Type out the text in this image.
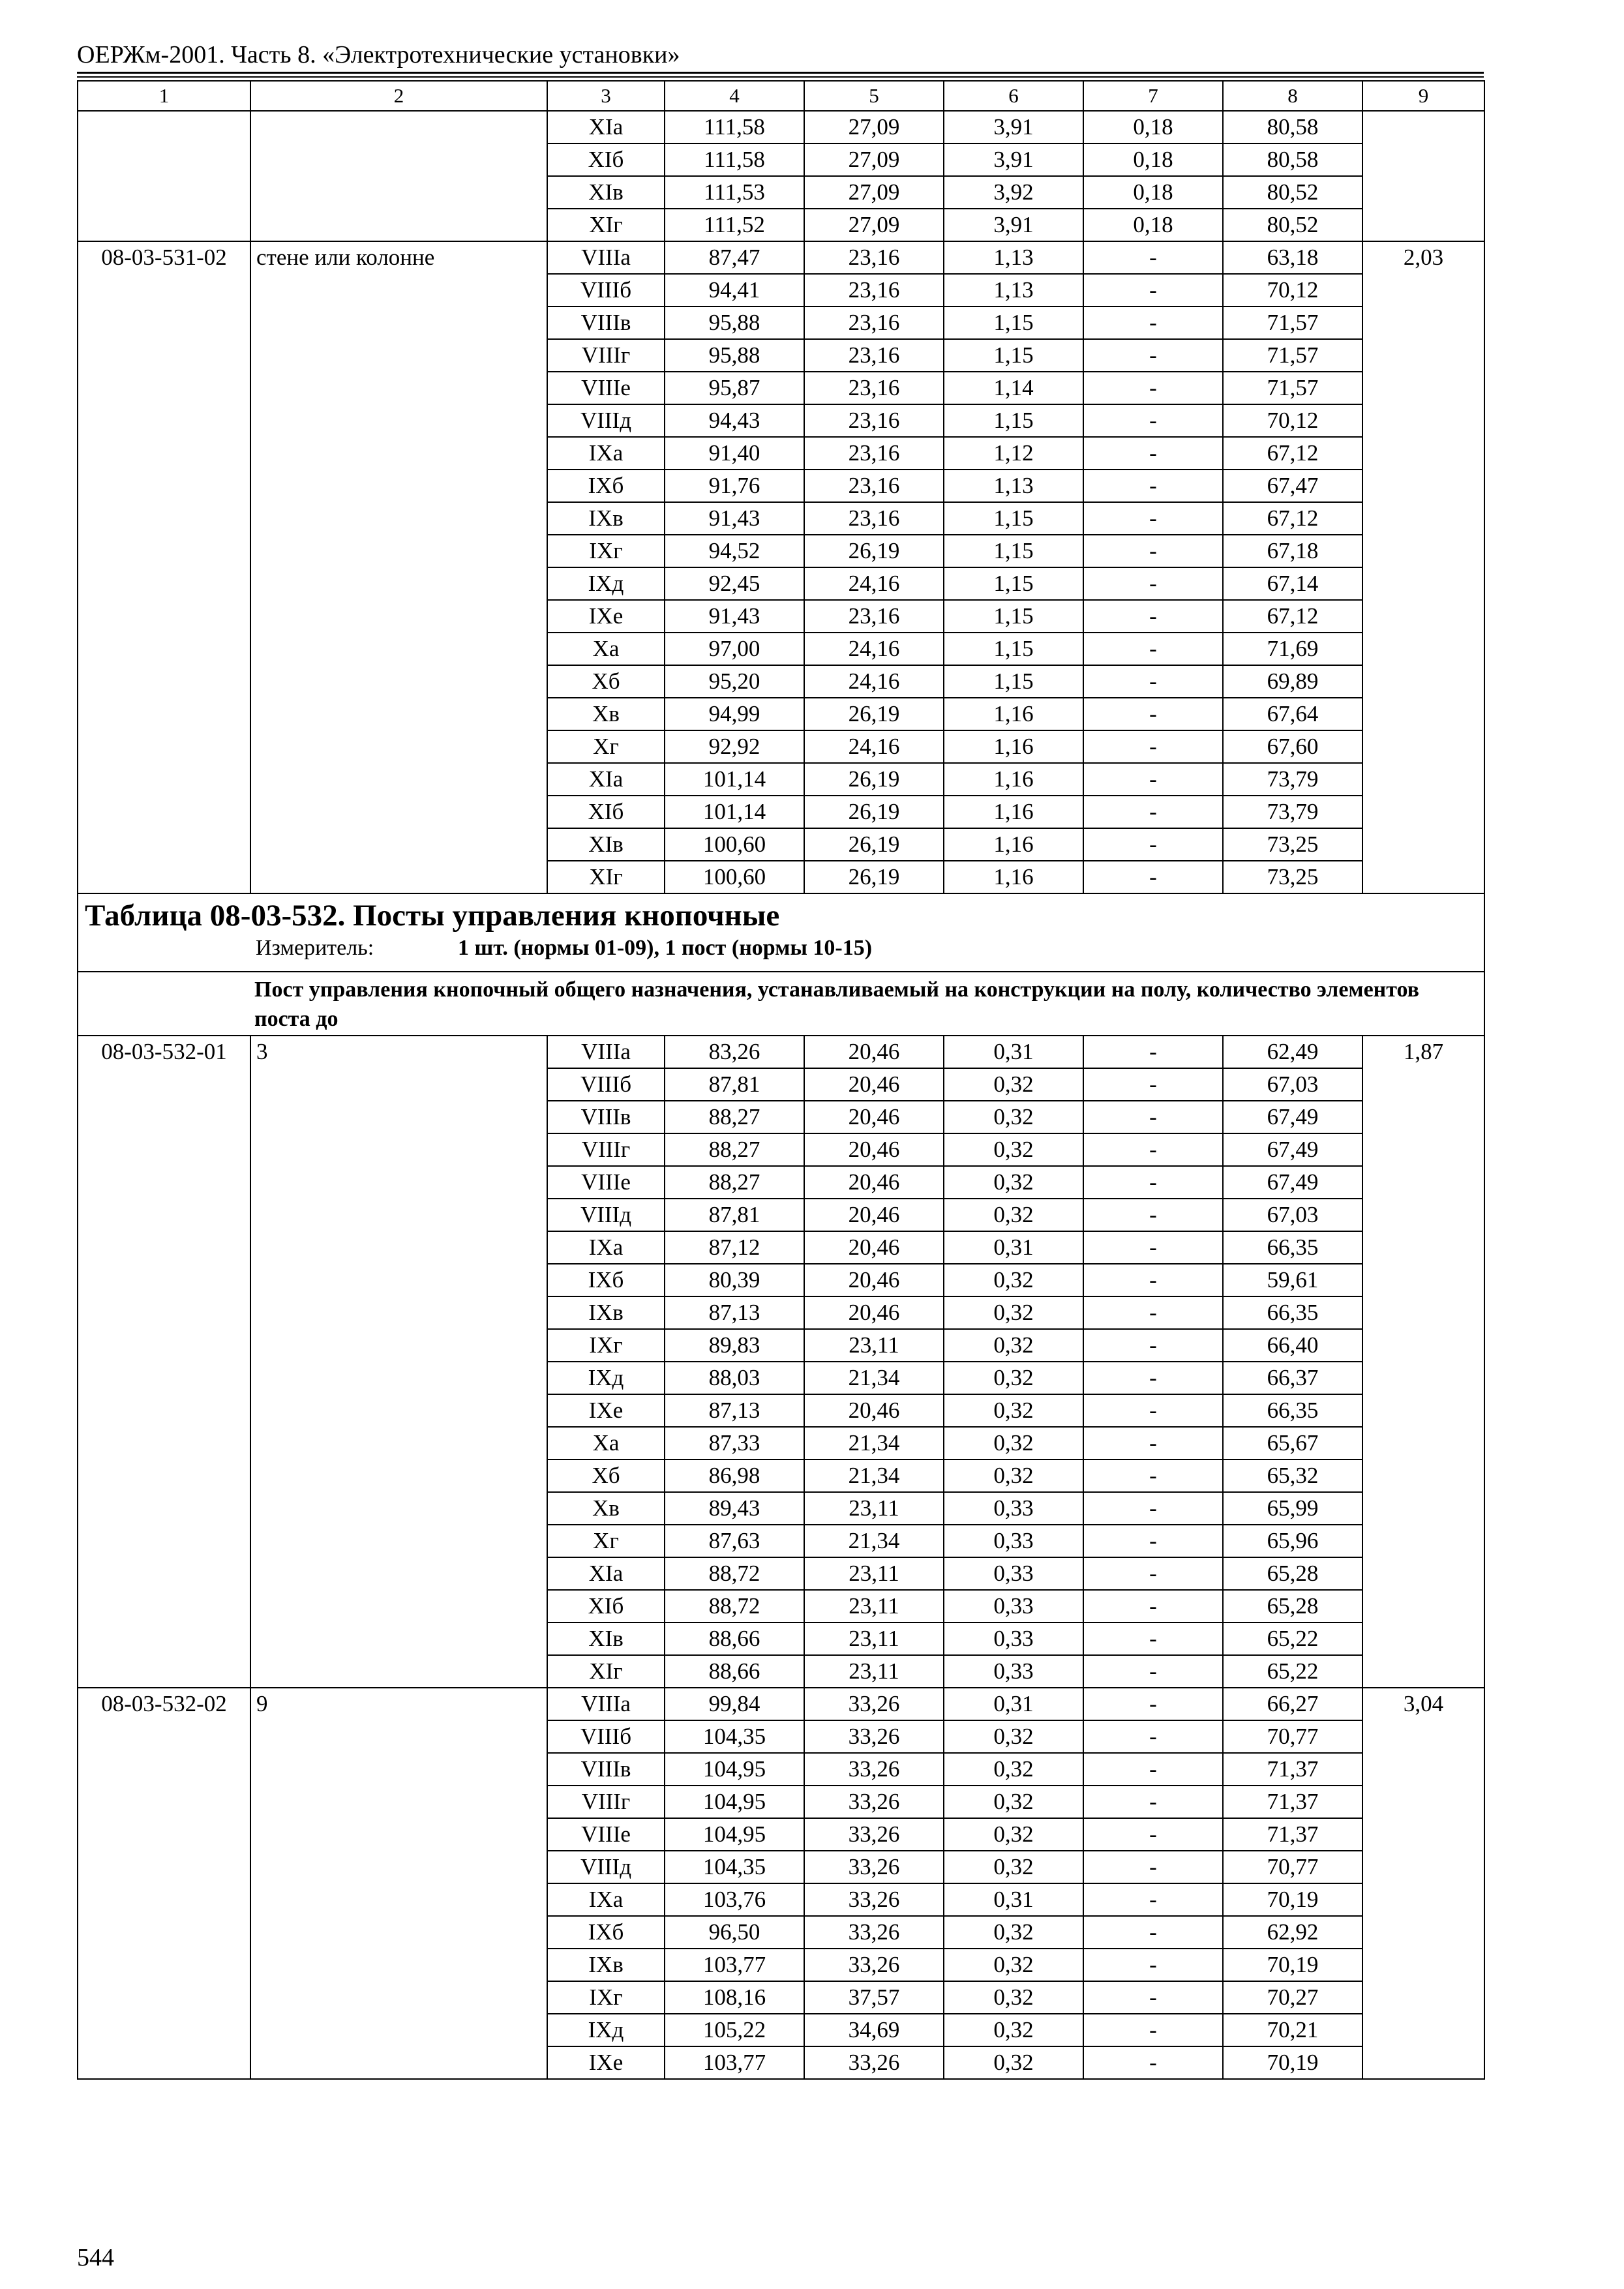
ОЕРЖм-2001. Часть 8. «Электротехнические установки»
1	2	3	4	5	6	7	8	9
		XIа	111,58	27,09	3,91	0,18	80,58	
		XIб	111,58	27,09	3,91	0,18	80,58	
		XIв	111,53	27,09	3,92	0,18	80,52	
		XIг	111,52	27,09	3,91	0,18	80,52	
08-03-531-02	стене или колонне	VIIIа	87,47	23,16	1,13	-	63,18	2,03
		VIIIб	94,41	23,16	1,13	-	70,12	
		VIIIв	95,88	23,16	1,15	-	71,57	
		VIIIг	95,88	23,16	1,15	-	71,57	
		VIIIе	95,87	23,16	1,14	-	71,57	
		VIIIд	94,43	23,16	1,15	-	70,12	
		IXа	91,40	23,16	1,12	-	67,12	
		IXб	91,76	23,16	1,13	-	67,47	
		IXв	91,43	23,16	1,15	-	67,12	
		IXг	94,52	26,19	1,15	-	67,18	
		IXд	92,45	24,16	1,15	-	67,14	
		IXе	91,43	23,16	1,15	-	67,12	
		Xа	97,00	24,16	1,15	-	71,69	
		Xб	95,20	24,16	1,15	-	69,89	
		Xв	94,99	26,19	1,16	-	67,64	
		Xг	92,92	24,16	1,16	-	67,60	
		XIа	101,14	26,19	1,16	-	73,79	
		XIб	101,14	26,19	1,16	-	73,79	
		XIв	100,60	26,19	1,16	-	73,25	
		XIг	100,60	26,19	1,16	-	73,25	

Таблица 08-03-532. Посты управления кнопочные
Измеритель: 1 шт. (нормы 01-09), 1 пост (нормы 10-15)								

Пост управления кнопочный общего назначения, устанавливаемый на конструкции на полу, количество элементов поста до								
08-03-532-01	3	VIIIа	83,26	20,46	0,31	-	62,49	1,87
		VIIIб	87,81	20,46	0,32	-	67,03	
		VIIIв	88,27	20,46	0,32	-	67,49	
		VIIIг	88,27	20,46	0,32	-	67,49	
		VIIIе	88,27	20,46	0,32	-	67,49	
		VIIIд	87,81	20,46	0,32	-	67,03	
		IXа	87,12	20,46	0,31	-	66,35	
		IXб	80,39	20,46	0,32	-	59,61	
		IXв	87,13	20,46	0,32	-	66,35	
		IXг	89,83	23,11	0,32	-	66,40	
		IXд	88,03	21,34	0,32	-	66,37	
		IXе	87,13	20,46	0,32	-	66,35	
		Xа	87,33	21,34	0,32	-	65,67	
		Xб	86,98	21,34	0,32	-	65,32	
		Xв	89,43	23,11	0,33	-	65,99	
		Xг	87,63	21,34	0,33	-	65,96	
		XIа	88,72	23,11	0,33	-	65,28	
		XIб	88,72	23,11	0,33	-	65,28	
		XIв	88,66	23,11	0,33	-	65,22	
		XIг	88,66	23,11	0,33	-	65,22	
08-03-532-02	9	VIIIа	99,84	33,26	0,31	-	66,27	3,04
		VIIIб	104,35	33,26	0,32	-	70,77	
		VIIIв	104,95	33,26	0,32	-	71,37	
		VIIIг	104,95	33,26	0,32	-	71,37	
		VIIIе	104,95	33,26	0,32	-	71,37	
		VIIIд	104,35	33,26	0,32	-	70,77	
		IXа	103,76	33,26	0,31	-	70,19	
		IXб	96,50	33,26	0,32	-	62,92	
		IXв	103,77	33,26	0,32	-	70,19	
		IXг	108,16	37,57	0,32	-	70,27	
		IXд	105,22	34,69	0,32	-	70,21	
		IXе	103,77	33,26	0,32	-	70,19	
544
